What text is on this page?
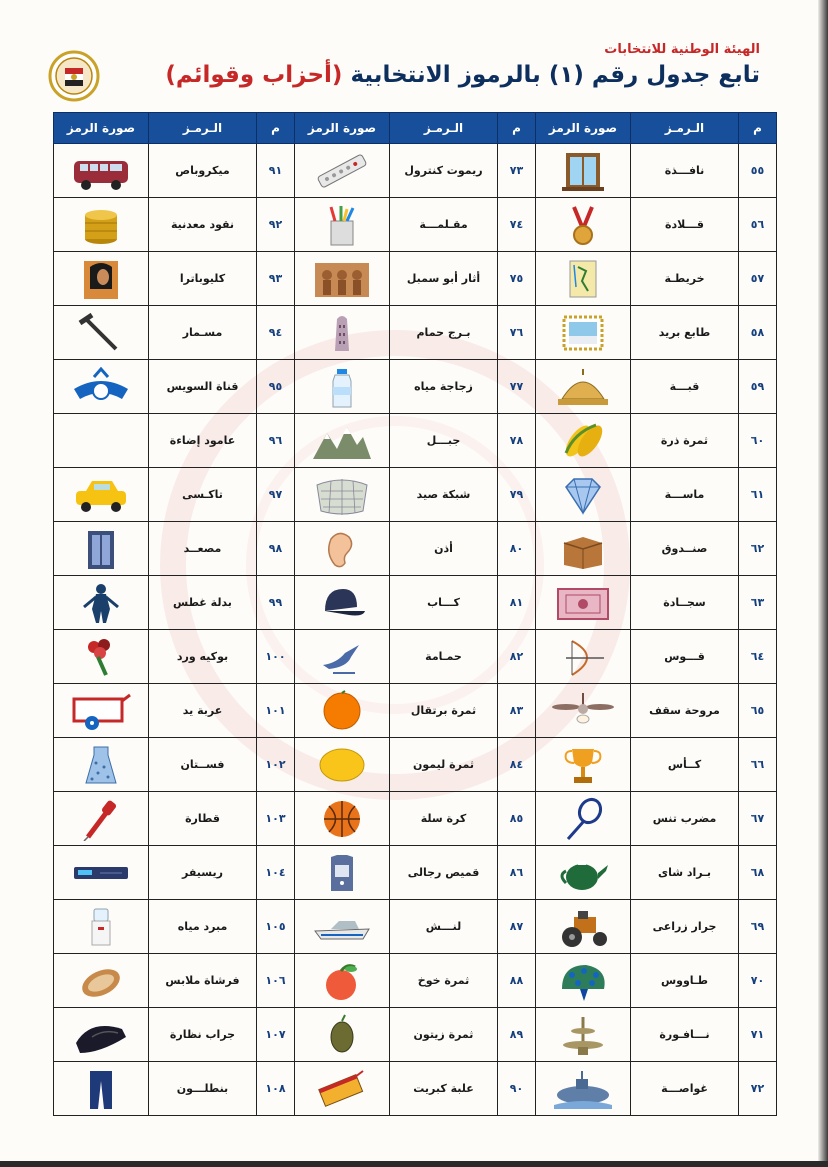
الهيئة الوطنية للانتخابات
تابع جدول رقم (١) بالرموز الانتخابية (أحزاب وقوائم)
م	الـرمـز	صورة الرمز	م	الـرمـز	صورة الرمز	م	الـرمـز	صورة الرمز
٥٥	نافـــذة		٧٣	ريموت كنترول		٩١	ميكروباص	

٥٦	قـــلادة		٧٤	مقـلمـــة		٩٢	نقود معدنية	

٥٧	خريطـة		٧٥	أثار أبو سمبل		٩٣	كليوباترا	

٥٨	طابع بريد		٧٦	بـرج حمام		٩٤	مسـمار	

٥٩	قبـــة		٧٧	زجاجة مياه		٩٥	قناة السويس	

٦٠	ثمرة ذرة		٧٨	جبـــل		٩٦	عامود إضاءة	

٦١	ماســـة		٧٩	شبكة صيد		٩٧	تاكـسى	

٦٢	صنــدوق		٨٠	أذن		٩٨	مصعــد	

٦٣	سجــادة		٨١	كـــاب		٩٩	بدلة غطس	

٦٤	قـــوس		٨٢	حمـامة		١٠٠	بوكيه ورد	

٦٥	مروحة سقف		٨٣	ثمرة برتقال		١٠١	عربة يد	

٦٦	كــأس		٨٤	ثمرة ليمون		١٠٢	فســتان	

٦٧	مضرب تنس		٨٥	كرة سلة		١٠٣	قطارة	

٦٨	بـراد شاى		٨٦	قميص رجالى		١٠٤	ريسيفر	

٦٩	جرار زراعى		٨٧	لنـــش		١٠٥	مبرد مياه	

٧٠	طـاووس		٨٨	ثمرة خوخ		١٠٦	فرشاة ملابس	

٧١	نـــافـورة		٨٩	ثمرة زيتون		١٠٧	جراب نظارة	

٧٢	غواصـــة		٩٠	علبة كبريت		١٠٨	بنطلـــون	
